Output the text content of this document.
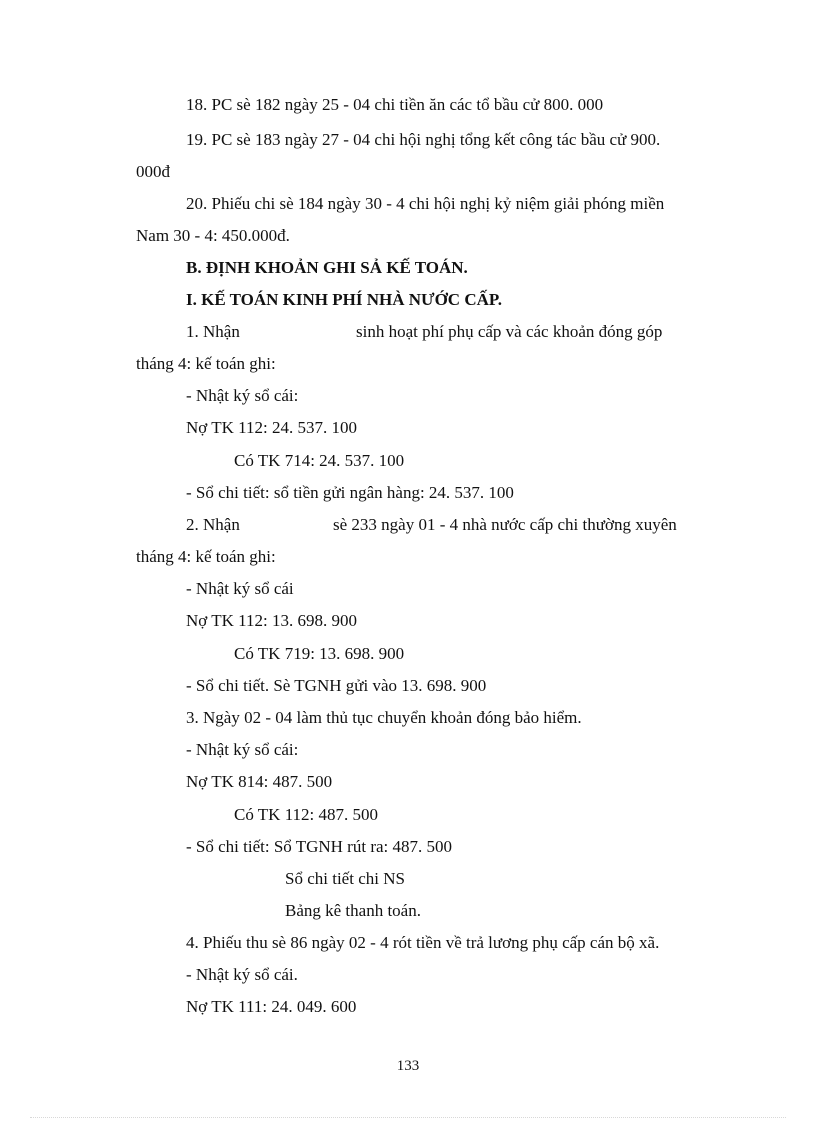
18. PC sè 182 ngày 25 - 04 chi tiền ăn các tổ bầu cử 800. 000

19. PC sè 183 ngày 27 - 04 chi hội nghị tổng kết công tác bầu cử 900.

000đ

20. Phiếu chi sè 184 ngày 30 - 4 chi hội nghị kỷ niệm giải phóng miền

Nam 30 - 4: 450.000đ.

B. ĐỊNH KHOẢN GHI SẢ KẾ TOÁN.

I. KẾ TOÁN KINH PHÍ NHÀ NƯỚC CẤP.

1. Nhận	sinh hoạt phí phụ cấp và các khoản đóng góp

tháng 4: kế toán ghi:

- Nhật ký sổ cái:

Nợ TK 112: 24. 537. 100

Có TK 714: 24. 537. 100

- Sổ chi tiết: sổ tiền gửi ngân hàng: 24. 537. 100

2. Nhận	sè 233 ngày 01 - 4 nhà nước cấp chi thường xuyên

tháng 4: kế toán ghi:

- Nhật ký sổ cái

Nợ TK 112: 13. 698. 900

Có TK 719: 13. 698. 900

- Sổ chi tiết. Sè TGNH gửi vào 13. 698. 900

3. Ngày 02 - 04 làm thủ tục chuyển khoản đóng bảo hiểm.

- Nhật ký sổ cái:

Nợ TK 814: 487. 500

Có TK 112: 487. 500

- Sổ chi tiết: Sổ TGNH rút ra: 487. 500

Sổ chi tiết chi NS

Bảng kê thanh toán.

4. Phiếu thu sè 86 ngày 02 - 4 rót tiền về trả lương phụ cấp cán bộ xã.

- Nhật ký sổ cái.

Nợ TK 111: 24. 049. 600

133
